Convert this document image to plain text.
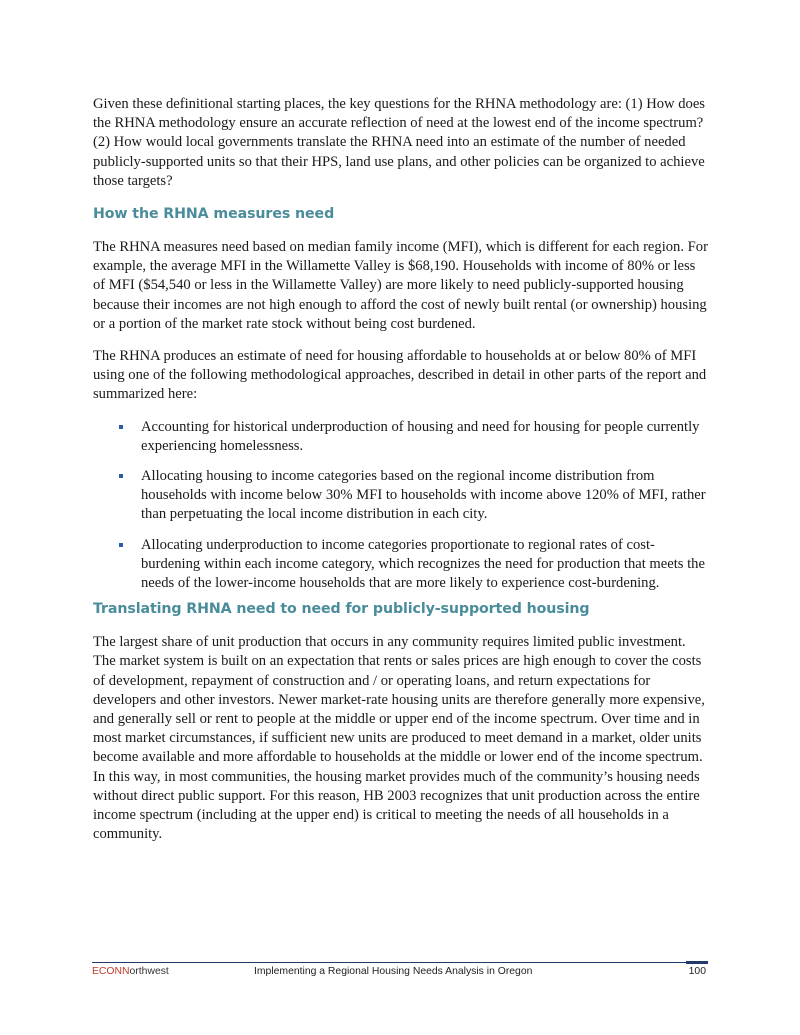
Given these definitional starting places, the key questions for the RHNA methodology are: (1) How does the RHNA methodology ensure an accurate reflection of need at the lowest end of the income spectrum? (2) How would local governments translate the RHNA need into an estimate of the number of needed publicly-supported units so that their HPS, land use plans, and other policies can be organized to achieve those targets?

How the RHNA measures need

The RHNA measures need based on median family income (MFI), which is different for each region. For example, the average MFI in the Willamette Valley is $68,190. Households with income of 80% or less of MFI ($54,540 or less in the Willamette Valley) are more likely to need publicly-supported housing because their incomes are not high enough to afford the cost of newly built rental (or ownership) housing or a portion of the market rate stock without being cost burdened.

The RHNA produces an estimate of need for housing affordable to households at or below 80% of MFI using one of the following methodological approaches, described in detail in other parts of the report and summarized here:

Accounting for historical underproduction of housing and need for housing for people currently experiencing homelessness.
Allocating housing to income categories based on the regional income distribution from households with income below 30% MFI to households with income above 120% of MFI, rather than perpetuating the local income distribution in each city.
Allocating underproduction to income categories proportionate to regional rates of cost-burdening within each income category, which recognizes the need for production that meets the needs of the lower-income households that are more likely to experience cost-burdening.
Translating RHNA need to need for publicly-supported housing

The largest share of unit production that occurs in any community requires limited public investment. The market system is built on an expectation that rents or sales prices are high enough to cover the costs of development, repayment of construction and / or operating loans, and return expectations for developers and other investors. Newer market-rate housing units are therefore generally more expensive, and generally sell or rent to people at the middle or upper end of the income spectrum. Over time and in most market circumstances, if sufficient new units are produced to meet demand in a market, older units become available and more affordable to households at the middle or lower end of the income spectrum. In this way, in most communities, the housing market provides much of the community’s housing needs without direct public support. For this reason, HB 2003 recognizes that unit production across the entire income spectrum (including at the upper end) is critical to meeting the needs of all households in a community.

ECONNorthwest	Implementing a Regional Housing Needs Analysis in Oregon	100
